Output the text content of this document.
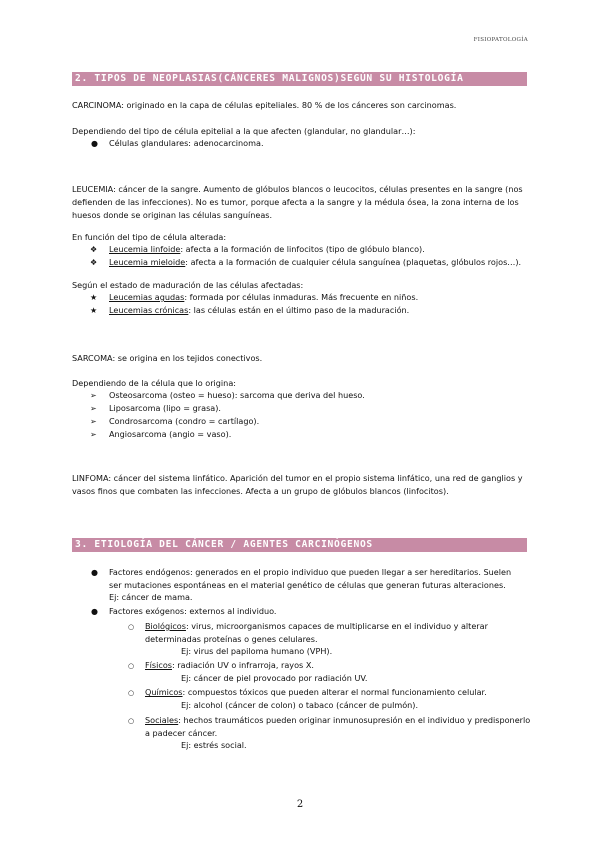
FISIOPATOLOGÍA
2. TIPOS DE NEOPLASIAS(CÁNCERES MALIGNOS)SEGÚN SU HISTOLOGÍA
CARCINOMA: originado en la capa de células epiteliales. 80 % de los cánceres son carcinomas.
Dependiendo del tipo de célula epitelial a la que afecten (glandular, no glandular…):
● Células glandulares: adenocarcinoma.
LEUCEMIA: cáncer de la sangre. Aumento de glóbulos blancos o leucocitos, células presentes en la sangre (nos
defienden de las infecciones). No es tumor, porque afecta a la sangre y la médula ósea, la zona interna de los
huesos donde se originan las células sanguíneas.
En función del tipo de célula alterada:
❖ Leucemia linfoide: afecta a la formación de linfocitos (tipo de glóbulo blanco).
❖ Leucemia mieloide: afecta a la formación de cualquier célula sanguínea (plaquetas, glóbulos rojos…).
Según el estado de maduración de las células afectadas:
★ Leucemias agudas: formada por células inmaduras. Más frecuente en niños.
★ Leucemias crónicas: las células están en el último paso de la maduración.
SARCOMA: se origina en los tejidos conectivos.
Dependiendo de la célula que lo origina:
➢ Osteosarcoma (osteo = hueso): sarcoma que deriva del hueso.
➢ Liposarcoma (lipo = grasa).
➢ Condrosarcoma (condro = cartílago).
➢ Angiosarcoma (angio = vaso).
LINFOMA: cáncer del sistema linfático. Aparición del tumor en el propio sistema linfático, una red de ganglios y
vasos finos que combaten las infecciones. Afecta a un grupo de glóbulos blancos (linfocitos).
3. ETIOLOGÍA DEL CÁNCER / AGENTES CARCINÓGENOS
● Factores endógenos: generados en el propio individuo que pueden llegar a ser hereditarios. Suelen
ser mutaciones espontáneas en el material genético de células que generan futuras alteraciones.
Ej: cáncer de mama.
● Factores exógenos: externos al individuo.
○ Biológicos: virus, microorganismos capaces de multiplicarse en el individuo y alterar
determinadas proteínas o genes celulares.
Ej: virus del papiloma humano (VPH).
○ Físicos: radiación UV o infrarroja, rayos X.
Ej: cáncer de piel provocado por radiación UV.
○ Químicos: compuestos tóxicos que pueden alterar el normal funcionamiento celular.
Ej: alcohol (cáncer de colon) o tabaco (cáncer de pulmón).
○ Sociales: hechos traumáticos pueden originar inmunosupresión en el individuo y predisponerlo
a padecer cáncer.
Ej: estrés social.
2
